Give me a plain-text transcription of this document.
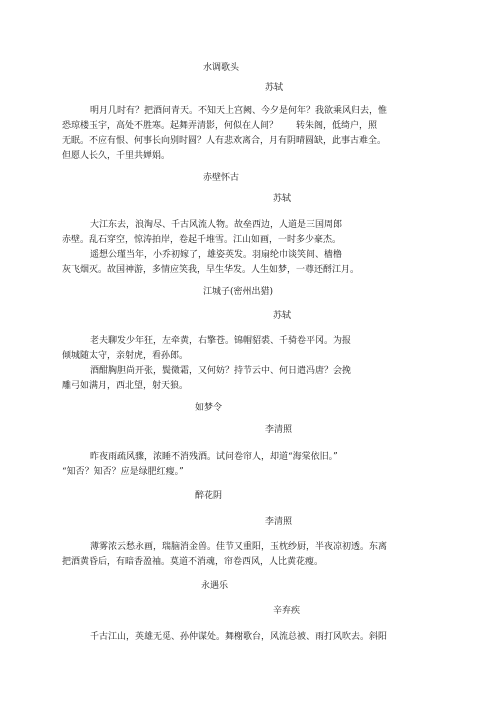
水调歌头
苏轼
明月几时有？把酒问青天。不知天上宫阙、今夕是何年？我欲乘风归去，惟
恐琼楼玉宇，高处不胜寒。起舞弄清影，何似在人间？　　转朱阁，低绮户，照
无眠。不应有恨、何事长向别时圆？人有悲欢离合，月有阴晴圆缺，此事古难全。
但愿人长久，千里共婵娟。
赤壁怀古
苏轼
大江东去，浪淘尽、千古风流人物。故垒西边，人道是三国周郎
赤壁。乱石穿空，惊涛拍岸，卷起千堆雪。江山如画，一时多少豪杰。
遥想公瑾当年，小乔初嫁了，雄姿英发。羽扇纶巾谈笑间、樯橹
灰飞烟灭。故国神游，多情应笑我，早生华发。人生如梦，一尊还酹江月。
江城子(密州出猎)
苏轼
老夫聊发少年狂，左牵黄，右擎苍。锦帽貂裘、千骑卷平冈。为报
倾城随太守，亲射虎，看孙郎。
酒酣胸胆尚开张，鬓微霜，又何妨？持节云中、何日遣冯唐？会挽
雕弓如满月，西北望，射天狼。
如梦令
李清照
昨夜雨疏风骤，浓睡不消残酒。试问卷帘人，却道“海棠依旧。”
“知否？知否？应是绿肥红瘦。”
醉花阴
李清照
薄雾浓云愁永画，瑞脑消金兽。佳节又重阳，玉枕纱厨，半夜凉初透。东离
把酒黄昏后，有暗香盈袖。莫道不消魂，帘卷西风，人比黄花瘦。
永遇乐
辛弃疾
千古江山，英雄无觅、孙仲谋处。舞榭歌台，风流总被、雨打风吹去。斜阳
